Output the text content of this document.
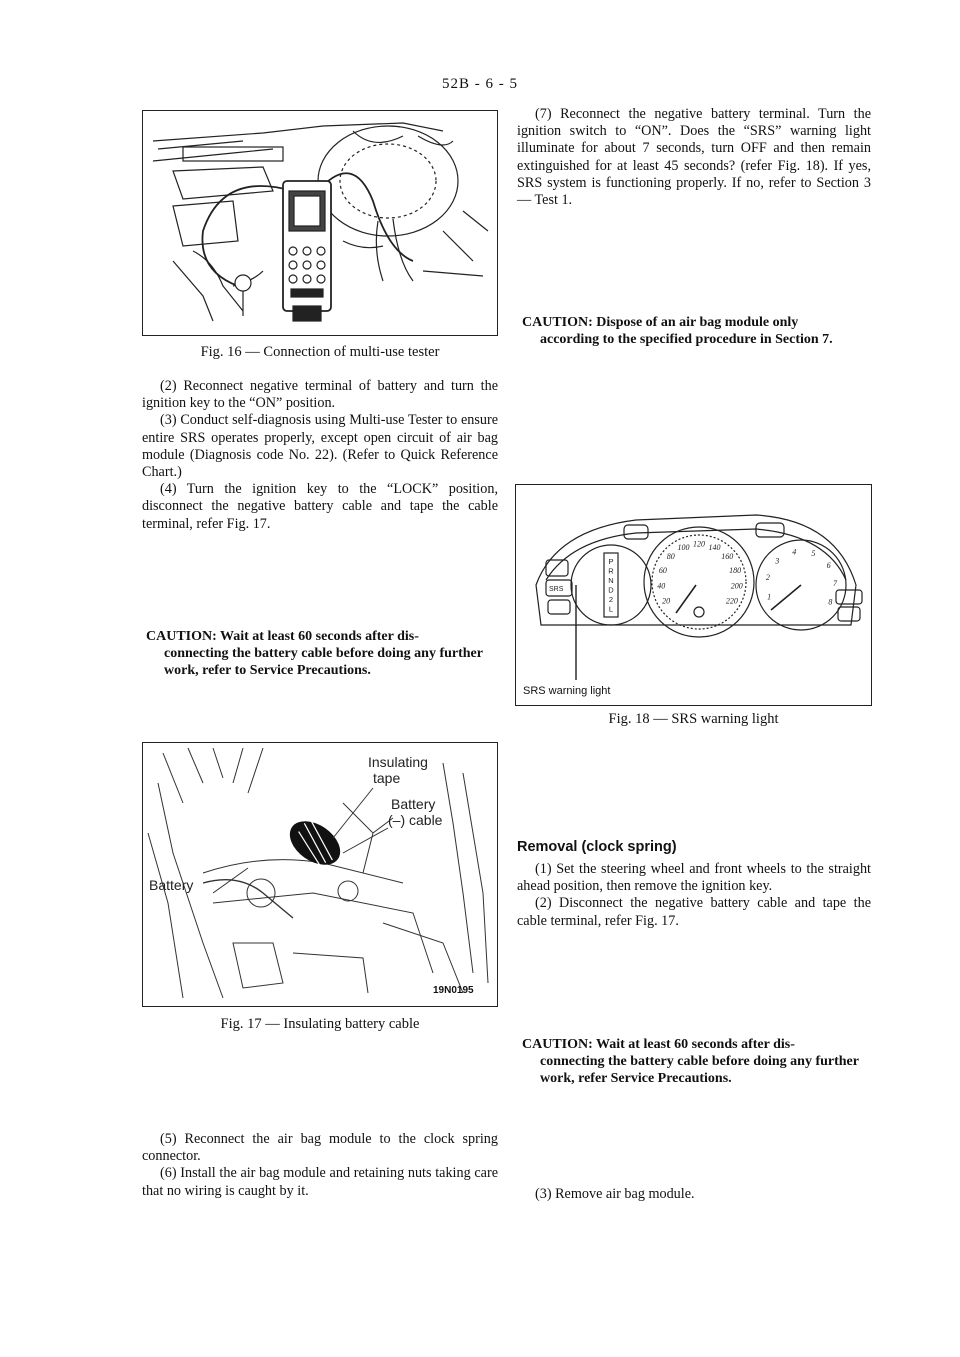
52B - 6 - 5
Fig. 16 — Connection of multi-use tester

(2) Reconnect negative terminal of battery and turn the ignition key to the “ON” position.

(3) Conduct self-diagnosis using Multi-use Tester to ensure entire SRS operates properly, except open circuit of air bag module (Diagnosis code No. 22). (Refer to Quick Reference Chart.)

(4) Turn the ignition key to the “LOCK” position, disconnect the negative battery cable and tape the cable terminal, refer Fig. 17.

CAUTION: Wait at least 60 seconds after dis-
connecting the battery cable before doing any further work, refer to Service Precautions.
Insulating
tape
Battery
(–) cable
Battery
19N0195
Fig. 17 — Insulating battery cable

(5) Reconnect the air bag module to the clock spring connector.

(6) Install the air bag module and retaining nuts taking care that no wiring is caught by it.

(7) Reconnect the negative battery terminal. Turn the ignition switch to “ON”. Does the “SRS” warning light illuminate for about 7 seconds, turn OFF and then remain extinguished for at least 45 seconds? (refer Fig. 18). If yes, SRS system is functioning properly. If no, refer to Section 3 — Test 1.

CAUTION: Dispose of an air bag module only
according to the specified procedure in Section 7.
SRS
20
40
60
80
100 120 140
160
180
200
220	1
2
3
4 5
6
7
8
P
R
N
D
2
L
SRS warning light
Fig. 18 — SRS warning light
Removal (clock spring)

(1) Set the steering wheel and front wheels to the straight ahead position, then remove the ignition key.

(2) Disconnect the negative battery cable and tape the cable terminal, refer Fig. 17.

CAUTION: Wait at least 60 seconds after dis-
connecting the battery cable before doing any further work, refer Service Precautions.

(3) Remove air bag module.
